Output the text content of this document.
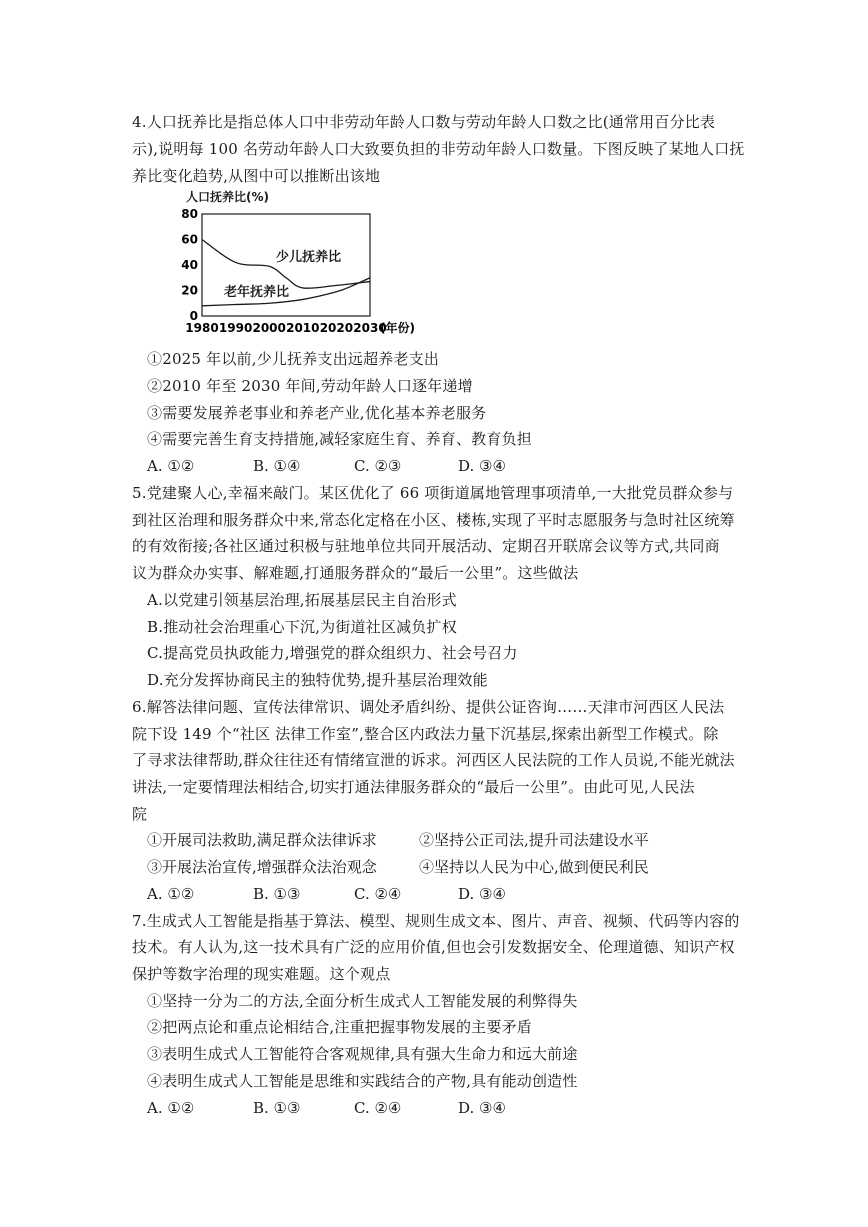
4.人口抚养比是指总体人口中非劳动年龄人口数与劳动年龄人口数之比(通常用百分比表
示),说明每 100 名劳动年龄人口大致要负担的非劳动年龄人口数量。下图反映了某地人口抚
养比变化趋势,从图中可以推断出该地
人口抚养比(%)
0
20
40
60
80
1980 1990 2000 2010 2020 2030
(年份)
少儿抚养比
老年抚养比
①2025 年以前,少儿抚养支出远超养老支出
②2010 年至 2030 年间,劳动年龄人口逐年递增
③需要发展养老事业和养老产业,优化基本养老服务
④需要完善生育支持措施,减轻家庭生育、养育、教育负担
A. ①②	B. ①④	C. ②③	D. ③④
5.党建聚人心,幸福来敲门。某区优化了 66 项街道属地管理事项清单,一大批党员群众参与
到社区治理和服务群众中来,常态化定格在小区、楼栋,实现了平时志愿服务与急时社区统筹
的有效衔接;各社区通过积极与驻地单位共同开展活动、定期召开联席会议等方式,共同商
议为群众办实事、解难题,打通服务群众的“最后一公里”。这些做法
A.以党建引领基层治理,拓展基层民主自治形式
B.推动社会治理重心下沉,为街道社区减负扩权
C.提高党员执政能力,增强党的群众组织力、社会号召力
D.充分发挥协商民主的独特优势,提升基层治理效能
6.解答法律问题、宣传法律常识、调处矛盾纠纷、提供公证咨询……天津市河西区人民法
院下设 149 个“社区 法律工作室”,整合区内政法力量下沉基层,探索出新型工作模式。除
了寻求法律帮助,群众往往还有情绪宣泄的诉求。河西区人民法院的工作人员说,不能光就法
讲法,一定要情理法相结合,切实打通法律服务群众的“最后一公里”。由此可见,人民法
院
①开展司法救助,满足群众法律诉求	②坚持公正司法,提升司法建设水平
③开展法治宣传,增强群众法治观念	④坚持以人民为中心,做到便民利民
A. ①②	B. ①③	C. ②④	D. ③④
7.生成式人工智能是指基于算法、模型、规则生成文本、图片、声音、视频、代码等内容的
技术。有人认为,这一技术具有广泛的应用价值,但也会引发数据安全、伦理道德、知识产权
保护等数字治理的现实难题。这个观点
①坚持一分为二的方法,全面分析生成式人工智能发展的利弊得失
②把两点论和重点论相结合,注重把握事物发展的主要矛盾
③表明生成式人工智能符合客观规律,具有强大生命力和远大前途
④表明生成式人工智能是思维和实践结合的产物,具有能动创造性
A. ①②	B. ①③	C. ②④	D. ③④
